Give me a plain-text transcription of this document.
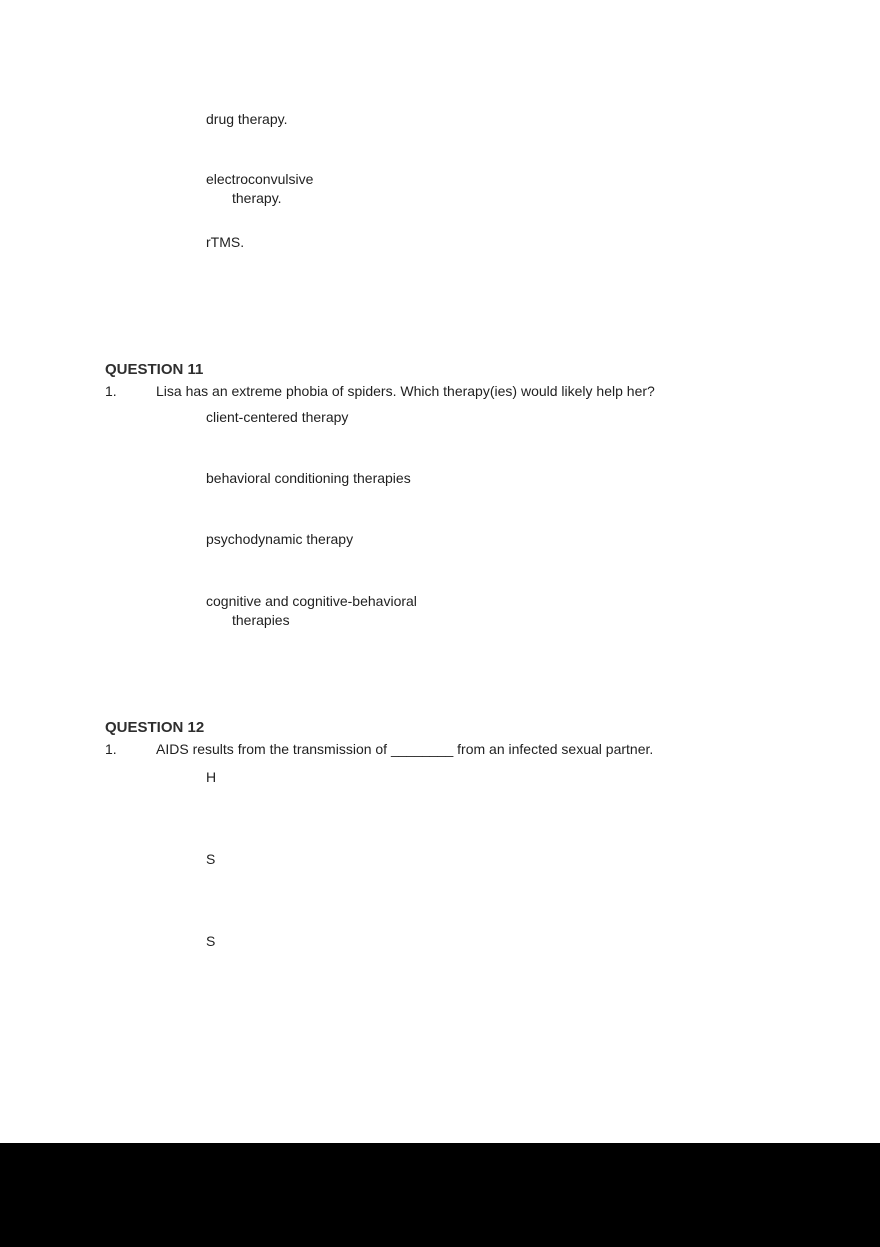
drug therapy.
electroconvulsive
therapy.
rTMS.
QUESTION 11
1.	Lisa has an extreme phobia of spiders. Which therapy(ies) would likely help her?
client-centered therapy
behavioral conditioning therapies
psychodynamic therapy
cognitive and cognitive-behavioral
therapies
QUESTION 12
1.	AIDS results from the transmission of ________ from an infected sexual partner.
H
S
S
